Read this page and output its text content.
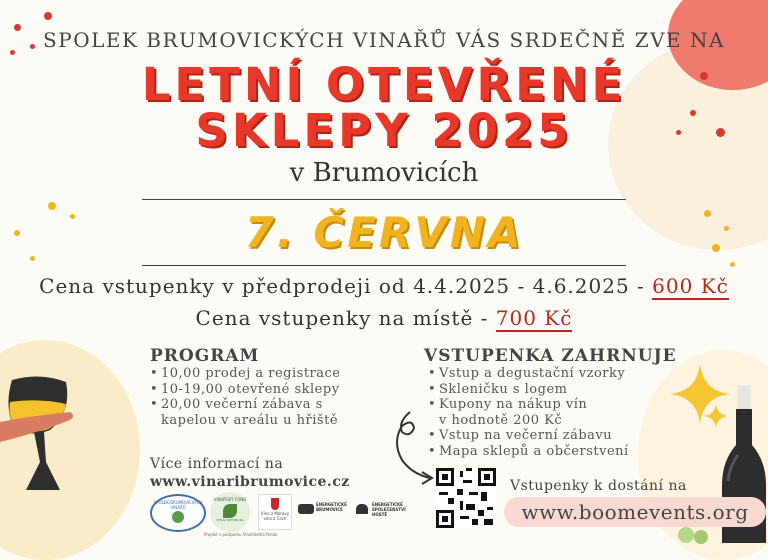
SPOLEK BRUMOVICKÝCH VINAŘŮ VÁS SRDEČNĚ ZVE NA
LETNÍ OTEVŘENÉ
SKLEPY 2025
v Brumovicích
7. ČERVNA
Cena vstupenky v předprodeji od 4.4.2025 - 4.6.2025 - 600 Kč
Cena vstupenky na místě - 700 Kč
PROGRAM
• 10,00 prodej a registrace
• 10-19,00 otevřené sklepy
• 20,00 večerní zábava s
kapelou v areálu u hřiště
VSTUPENKA ZAHRNUJE
• Vstup a degustační vzorky
• Skleničku s logem
• Kupony na nákup vín
v hodnotě 200 Kč
• Vstup na večerní zábavu
• Mapa sklepů a občerstvení
Více informací na
www.vinaribrumovice.cz	Vstupenky k dostání na
www.boomevents.org
SPOLEK BRUMOVICKÝCH VINAŘŮ
VINAŘSKÝ FOND
ČESKÁ REPUBLIKA
Projekt s podporou Vinařského fondu
Víno z Moravy víno z Čech
ENERGETICKÉ BRUMOVICE
ENERGETICKÉ SPOLEČENSTVÍ HOSTĚ
